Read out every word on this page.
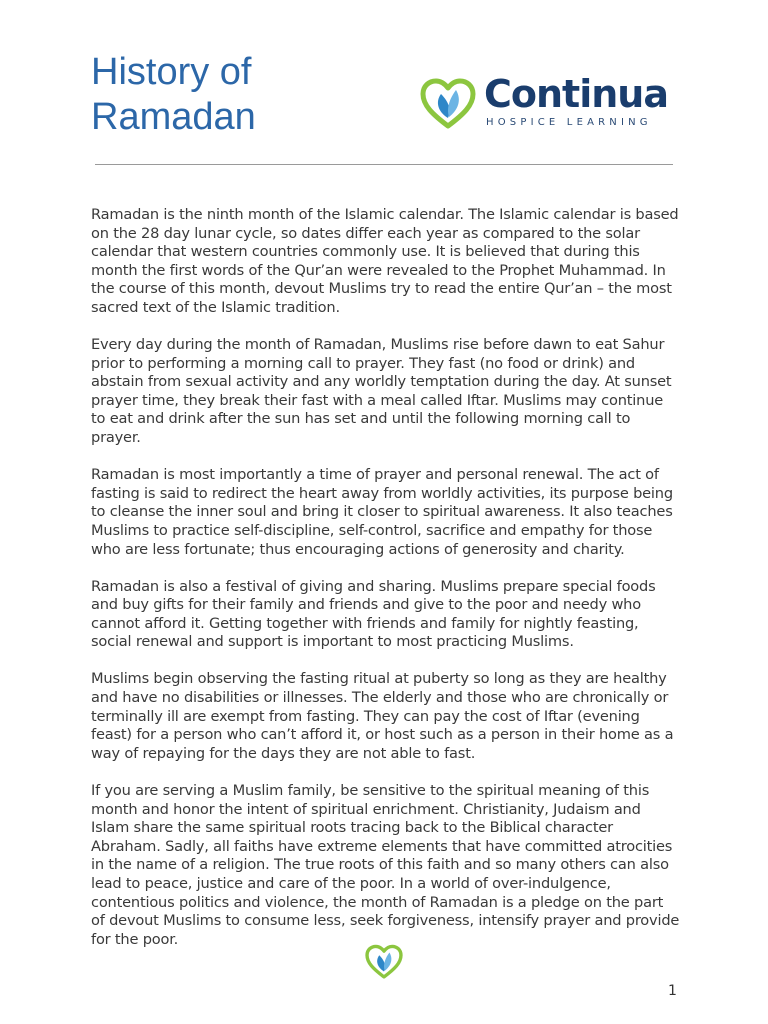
History of
Ramadan
Continua
HOSPICE LEARNING

Ramadan is the ninth month of the Islamic calendar. The Islamic calendar is based on the 28 day lunar cycle, so dates differ each year as compared to the solar calendar that western countries commonly use. It is believed that during this month the first words of the Qur’an were revealed to the Prophet Muhammad. In the course of this month, devout Muslims try to read the entire Qur’an – the most sacred text of the Islamic tradition.

Every day during the month of Ramadan, Muslims rise before dawn to eat Sahur prior to performing a morning call to prayer. They fast (no food or drink) and abstain from sexual activity and any worldly temptation during the day. At sunset prayer time, they break their fast with a meal called Iftar. Muslims may continue to eat and drink after the sun has set and until the following morning call to prayer.

Ramadan is most importantly a time of prayer and personal renewal. The act of fasting is said to redirect the heart away from worldly activities, its purpose being to cleanse the inner soul and bring it closer to spiritual awareness. It also teaches Muslims to practice self-discipline, self-control, sacrifice and empathy for those who are less fortunate; thus encouraging actions of generosity and charity.

Ramadan is also a festival of giving and sharing. Muslims prepare special foods and buy gifts for their family and friends and give to the poor and needy who cannot afford it. Getting together with friends and family for nightly feasting, social renewal and support is important to most practicing Muslims.

Muslims begin observing the fasting ritual at puberty so long as they are healthy and have no disabilities or illnesses. The elderly and those who are chronically or terminally ill are exempt from fasting. They can pay the cost of Iftar (evening feast) for a person who can’t afford it, or host such as a person in their home as a way of repaying for the days they are not able to fast.

If you are serving a Muslim family, be sensitive to the spiritual meaning of this month and honor the intent of spiritual enrichment. Christianity, Judaism and Islam share the same spiritual roots tracing back to the Biblical character Abraham. Sadly, all faiths have extreme elements that have committed atrocities in the name of a religion. The true roots of this faith and so many others can also lead to peace, justice and care of the poor. In a world of over-indulgence, contentious politics and violence, the month of Ramadan is a pledge on the part of devout Muslims to consume less, seek forgiveness, intensify prayer and provide for the poor.

1
